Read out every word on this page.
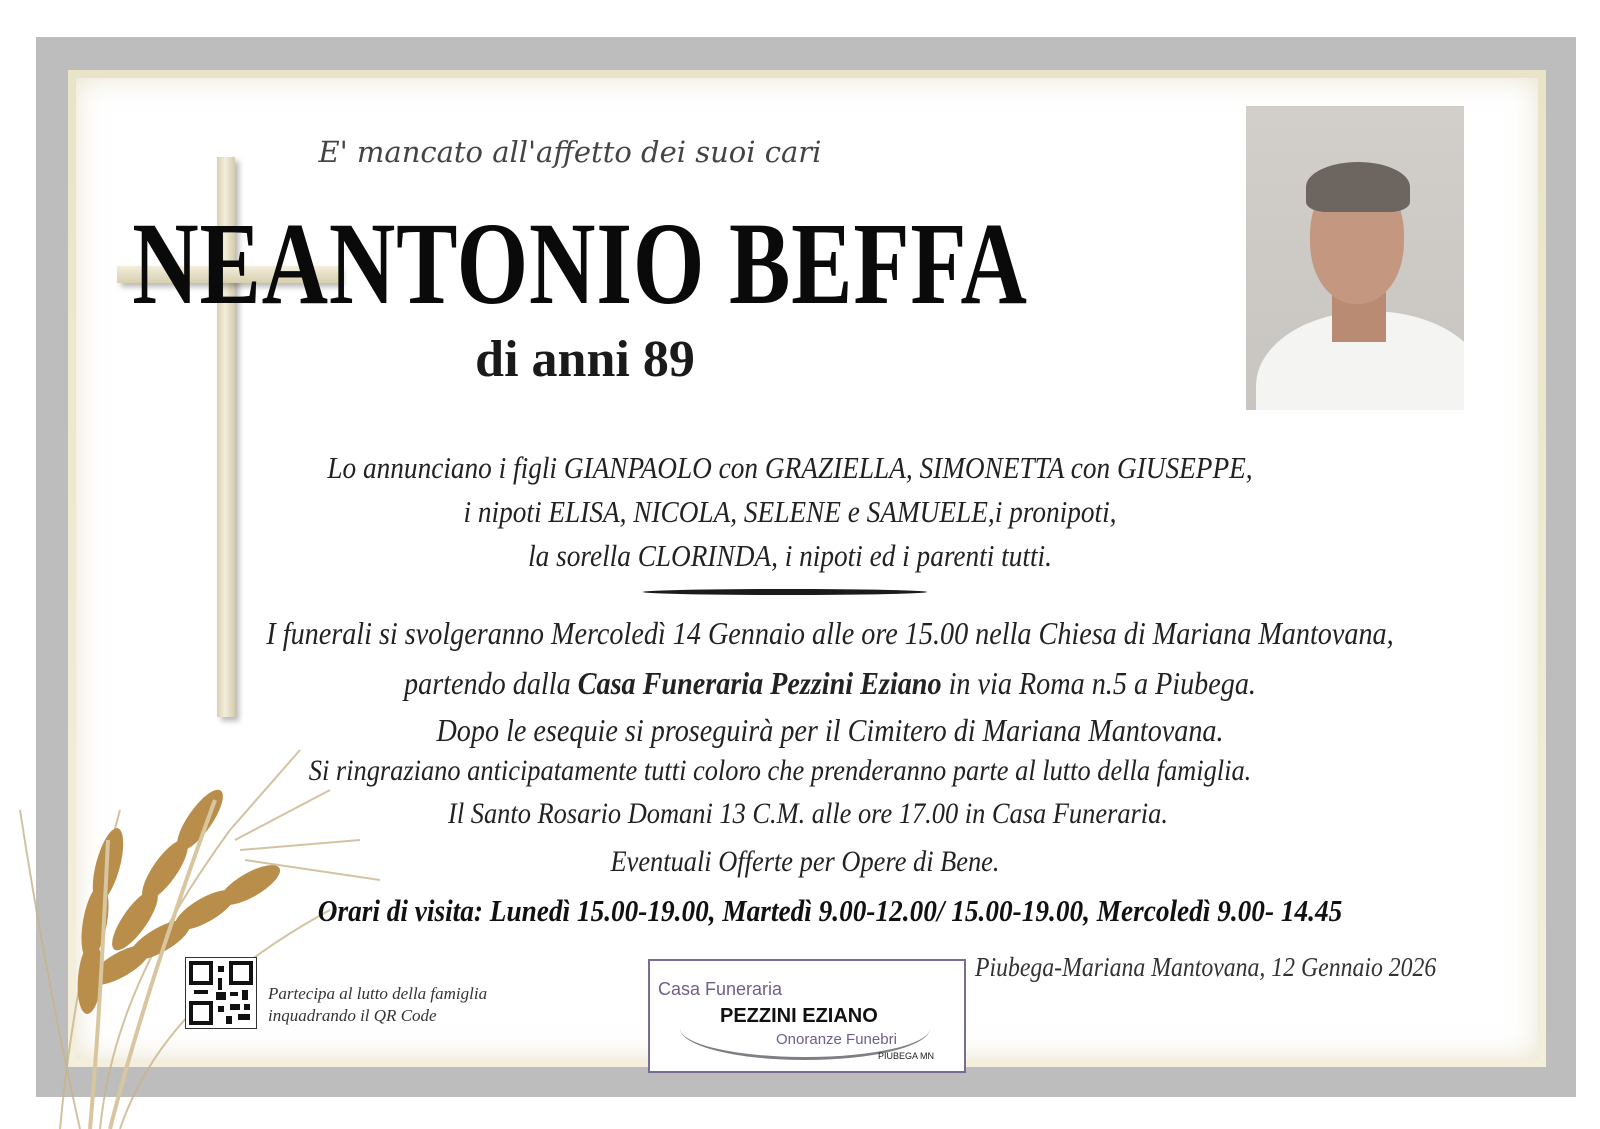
E' mancato all'affetto dei suoi cari
NEANTONIO BEFFA
di anni 89
Lo annunciano i figli GIANPAOLO con GRAZIELLA, SIMONETTA con GIUSEPPE,
i nipoti ELISA, NICOLA, SELENE e SAMUELE,i pronipoti,
la sorella CLORINDA, i nipoti ed i parenti tutti.
I funerali si svolgeranno Mercoledì 14 Gennaio alle ore 15.00 nella Chiesa di Mariana Mantovana,
partendo dalla Casa Funeraria Pezzini Eziano in via Roma n.5 a Piubega.
Dopo le esequie si proseguirà per il Cimitero di Mariana Mantovana.
Si ringraziano anticipatamente tutti coloro che prenderanno parte al lutto della famiglia.
Il Santo Rosario Domani 13 C.M. alle ore 17.00 in Casa Funeraria.
Eventuali Offerte per Opere di Bene.
Orari di visita: Lunedì 15.00-19.00, Martedì 9.00-12.00/ 15.00-19.00, Mercoledì 9.00- 14.45
Partecipa al lutto della famiglia
inquadrando il QR Code
Casa Funeraria
PEZZINI EZIANO
Onoranze Funebri
PIUBEGA MN
Piubega-Mariana Mantovana, 12 Gennaio 2026
